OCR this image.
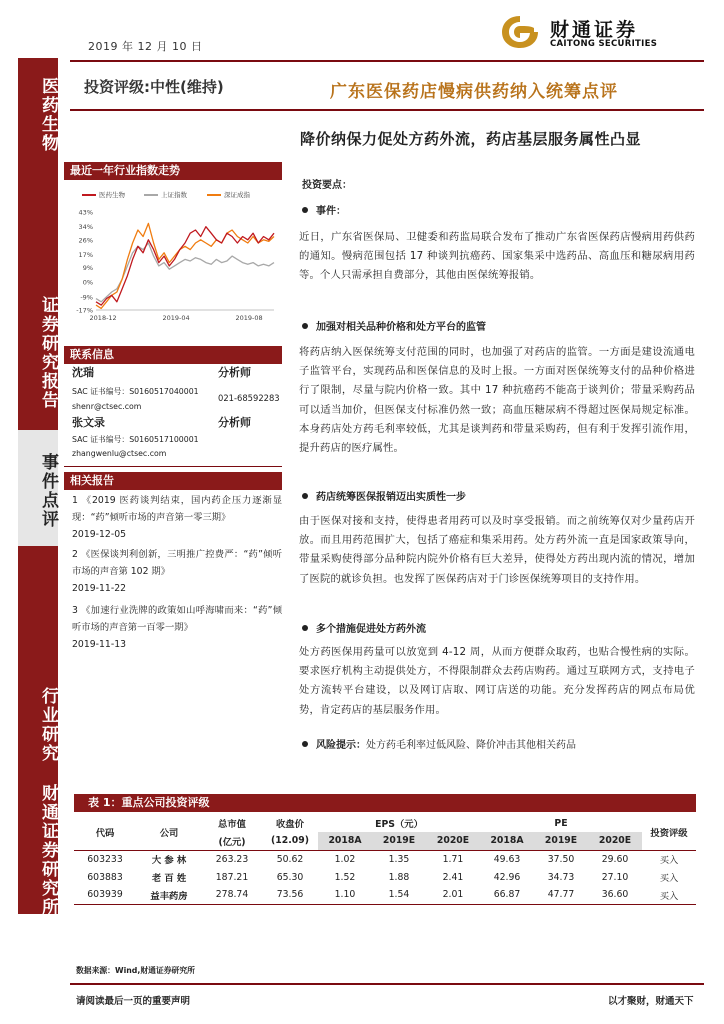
2019 年 12 月 10 日
财通证券
CAITONG SECURITIES
投资评级:中性(维持)	广东医保药店慢病供药纳入统筹点评
降价纳保力促处方药外流，药店基层服务属性凸显
医药生物
证券研究报告
事件点评
行业研究
财通证券研究所
最近一年行业指数走势
43%
34%
26%
17%
9%
0%
-9%
-17%
2018-12	2019-04	2019-08
医药生物	上证指数	深证成指
联系信息
沈瑞	分析师
SAC 证书编号：S0160517040001
021-68592283
shenr@ctsec.com
张文录	分析师
SAC 证书编号：S0160517100001
zhangwenlu@ctsec.com
相关报告
1 《2019 医药谈判结束，国内药企压力逐渐显现：“药”倾听市场的声音第一零三期》
2019-12-05
2 《医保谈判利创新，三明推广控费严：“药”倾听市场的声音第 102 期》
2019-11-22
3 《加速行业洗牌的政策如山呼海啸而来：“药”倾听市场的声音第一百零一期》
2019-11-13
投资要点：
事件：
近日，广东省医保局、卫健委和药监局联合发布了推动广东省医保药店慢病用药供药的通知。慢病范围包括 17 种谈判抗癌药、国家集采中选药品、高血压和糖尿病用药等。个人只需承担自费部分，其他由医保统筹报销。
加强对相关品种价格和处方平台的监管
将药店纳入医保统筹支付范围的同时，也加强了对药店的监管。一方面是建设流通电子监管平台，实现药品和医保信息的及时上报。一方面对医保统筹支付的品种价格进行了限制，尽量与院内价格一致。其中 17 种抗癌药不能高于谈判价；带量采购药品可以适当加价，但医保支付标准仍然一致；高血压糖尿病不得超过医保局规定标准。本身药店处方药毛利率较低，尤其是谈判药和带量采购药，但有利于发挥引流作用，提升药店的医疗属性。
药店统筹医保报销迈出实质性一步
由于医保对接和支持，使得患者用药可以及时享受报销。而之前统筹仅对少量药店开放。而且用药范围扩大，包括了癌症和集采用药。处方药外流一直是国家政策导向，带量采购使得部分品种院内院外价格有巨大差异，使得处方药出现内流的情况，增加了医院的就诊负担。也发挥了医保药店对于门诊医保统筹项目的支持作用。
多个措施促进处方药外流
处方药医保用药量可以放宽到 4-12 周，从而方便群众取药，也贴合慢性病的实际。要求医疗机构主动提供处方，不得限制群众去药店购药。通过互联网方式，支持电子处方流转平台建设，以及网订店取、网订店送的功能。充分发挥药店的网点布局优势，肯定药店的基层服务作用。
风险提示：处方药毛利率过低风险、降价冲击其他相关药品
表 1：重点公司投资评级
代码	公司	总市值	收盘价	EPS（元）			PE			投资评级
		(亿元)	(12.09)	2018A	2019E	2020E	2018A	2019E	2020E	
603233	大 参 林	263.23	50.62	1.02	1.35	1.71	49.63	37.50	29.60	买入
603883	老 百 姓	187.21	65.30	1.52	1.88	2.41	42.96	34.73	27.10	买入
603939	益丰药房	278.74	73.56	1.10	1.54	2.01	66.87	47.77	36.60	买入
数据来源：Wind,财通证券研究所
请阅读最后一页的重要声明	以才聚财，财通天下
